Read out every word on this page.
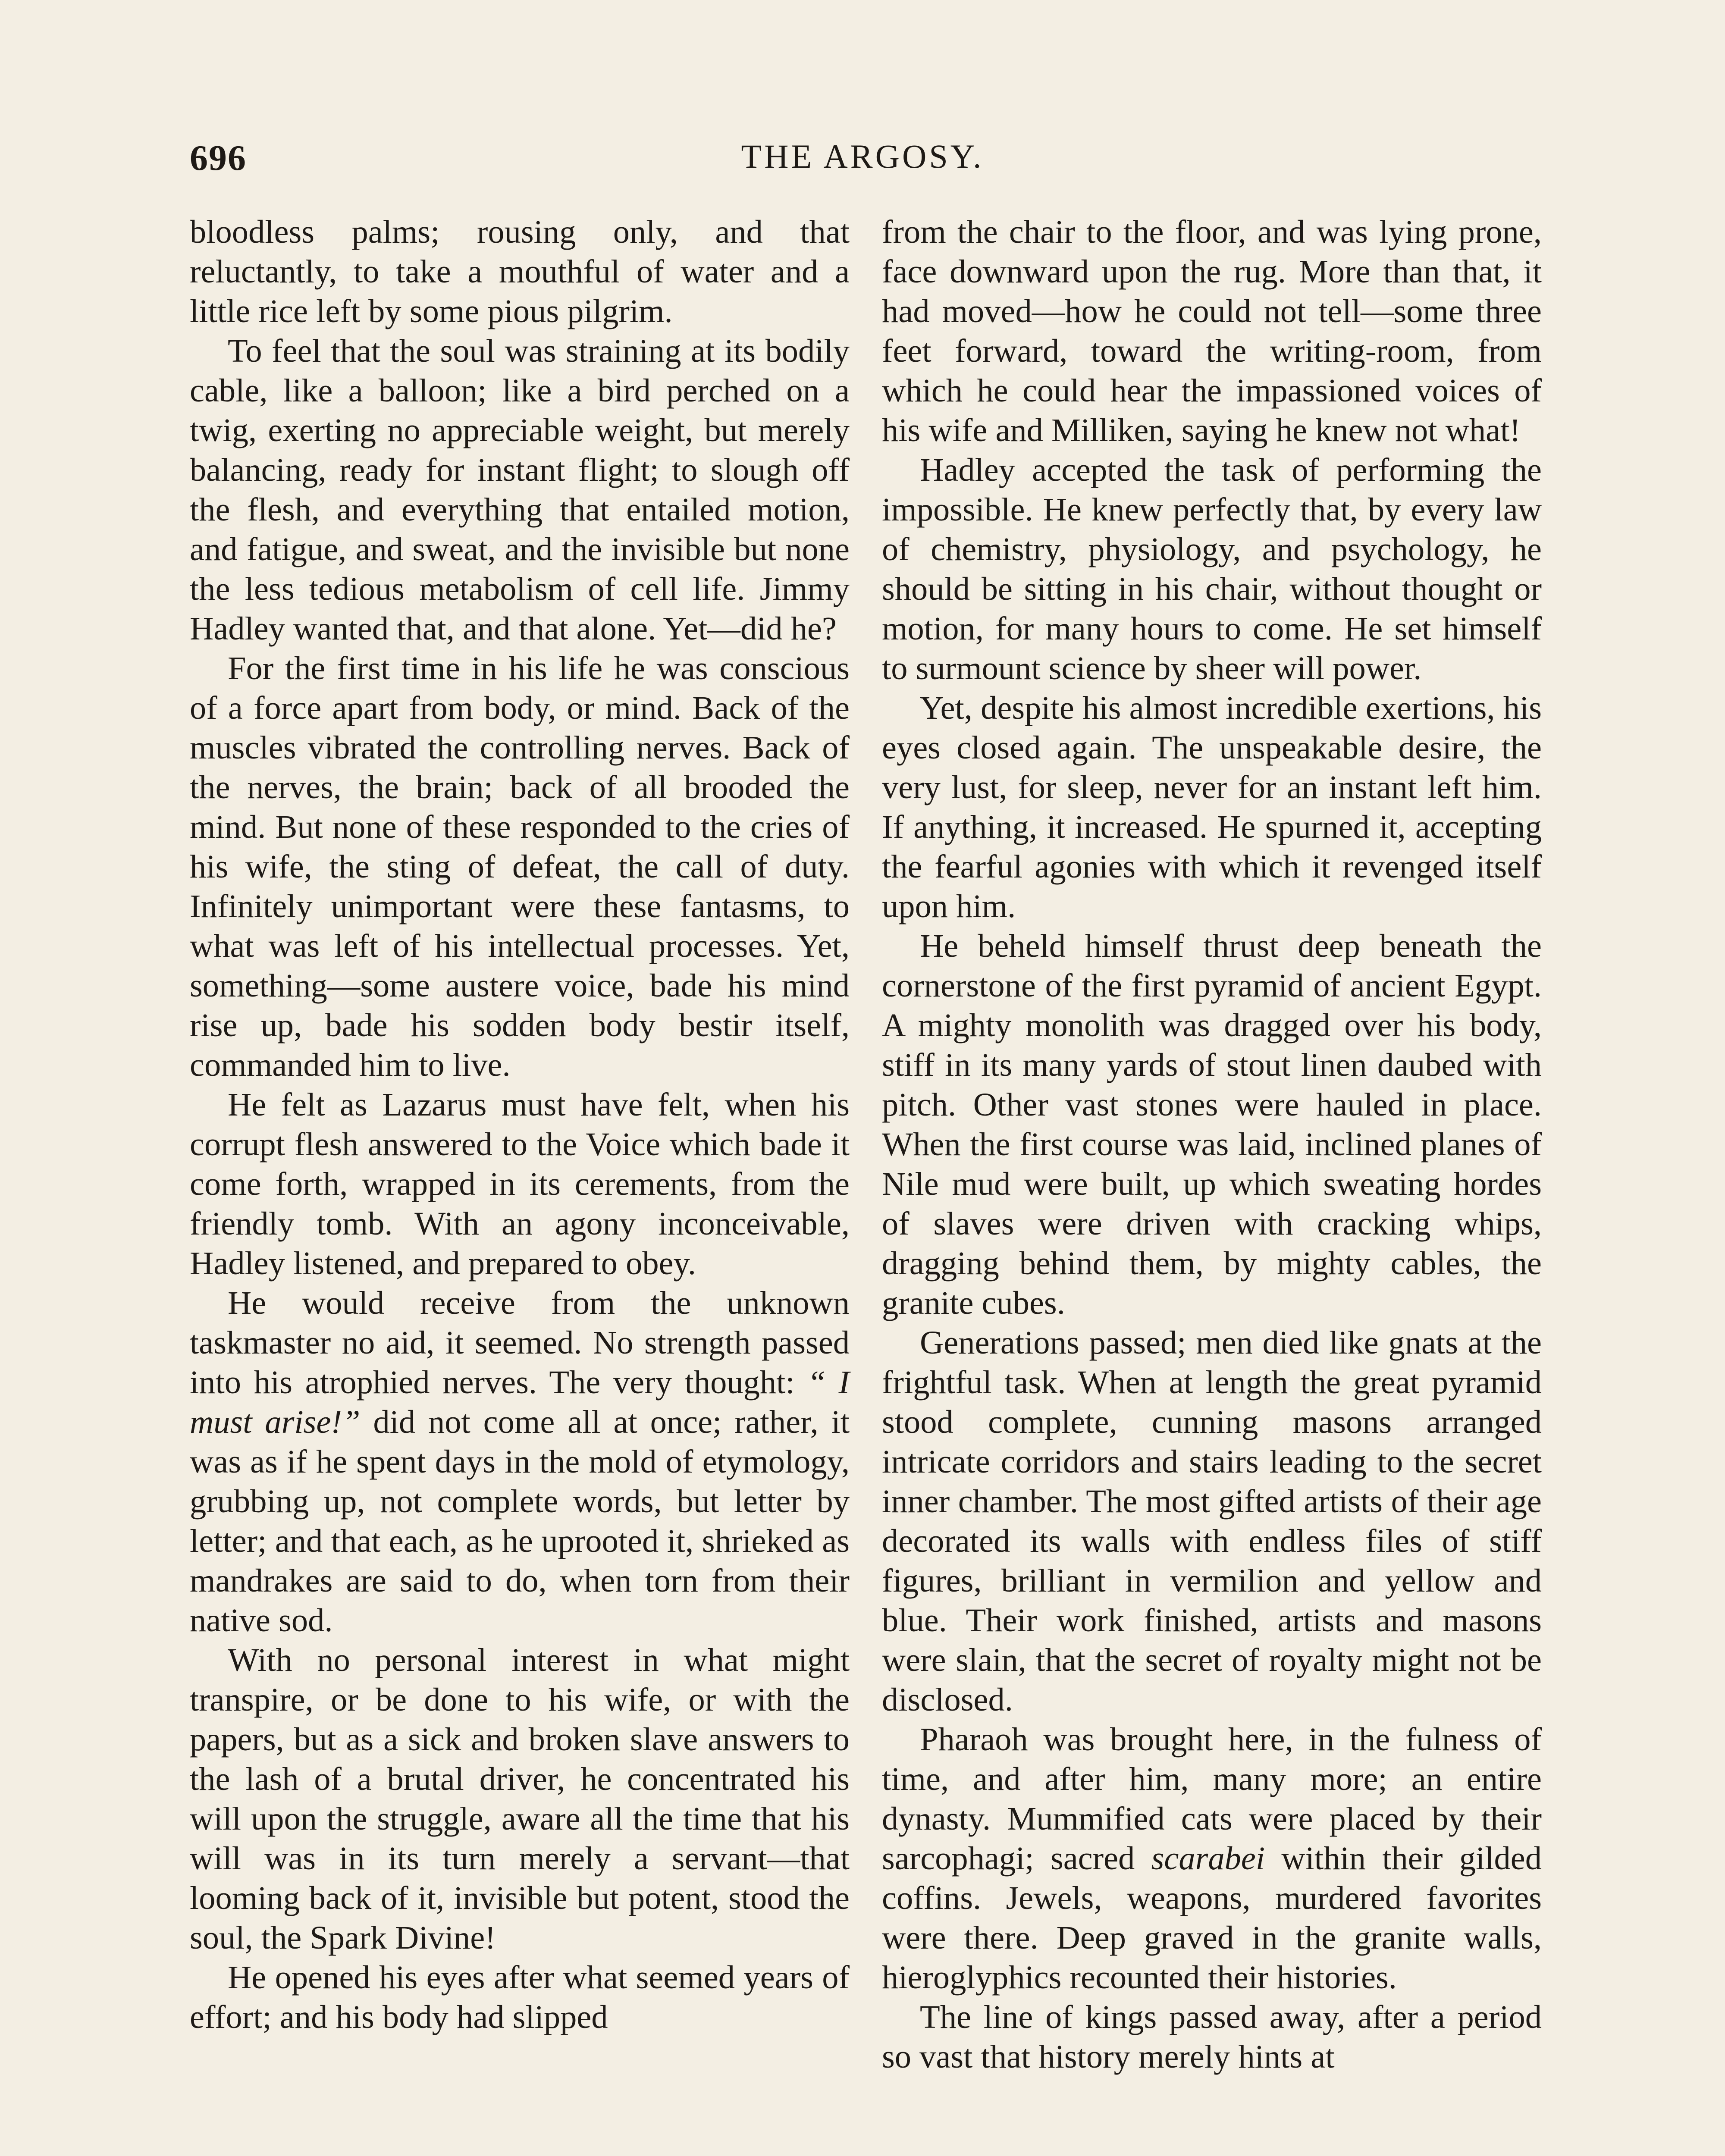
696	THE ARGOSY.

bloodless palms; rousing only, and that reluctantly, to take a mouthful of water and a little rice left by some pious pilgrim.

To feel that the soul was straining at its bodily cable, like a balloon; like a bird perched on a twig, exerting no appreciable weight, but merely balancing, ready for instant flight; to slough off the flesh, and everything that entailed motion, and fatigue, and sweat, and the invisible but none the less tedious metabolism of cell life. Jimmy Hadley wanted that, and that alone. Yet—did he?

For the first time in his life he was conscious of a force apart from body, or mind. Back of the muscles vibrated the controlling nerves. Back of the nerves, the brain; back of all brooded the mind. But none of these responded to the cries of his wife, the sting of defeat, the call of duty. Infinitely unimportant were these fantasms, to what was left of his intellectual processes. Yet, something—some austere voice, bade his mind rise up, bade his sodden body bestir itself, commanded him to live.

He felt as Lazarus must have felt, when his corrupt flesh answered to the Voice which bade it come forth, wrapped in its cerements, from the friendly tomb. With an agony inconceivable, Hadley listened, and prepared to obey.

He would receive from the unknown taskmaster no aid, it seemed. No strength passed into his atrophied nerves. The very thought: “ I must arise!” did not come all at once; rather, it was as if he spent days in the mold of etymology, grubbing up, not complete words, but letter by letter; and that each, as he uprooted it, shrieked as mandrakes are said to do, when torn from their native sod.

With no personal interest in what might transpire, or be done to his wife, or with the papers, but as a sick and broken slave answers to the lash of a brutal driver, he concentrated his will upon the struggle, aware all the time that his will was in its turn merely a servant—that looming back of it, invisible but potent, stood the soul, the Spark Divine!

He opened his eyes after what seemed years of effort; and his body had slipped

from the chair to the floor, and was lying prone, face downward upon the rug. More than that, it had moved—how he could not tell—some three feet forward, toward the writing-room, from which he could hear the impassioned voices of his wife and Milliken, saying he knew not what!

Hadley accepted the task of performing the impossible. He knew perfectly that, by every law of chemistry, physiology, and psychology, he should be sitting in his chair, without thought or motion, for many hours to come. He set himself to surmount science by sheer will power.

Yet, despite his almost incredible exertions, his eyes closed again. The unspeakable desire, the very lust, for sleep, never for an instant left him. If anything, it increased. He spurned it, accepting the fearful agonies with which it revenged itself upon him.

He beheld himself thrust deep beneath the cornerstone of the first pyramid of ancient Egypt. A mighty monolith was dragged over his body, stiff in its many yards of stout linen daubed with pitch. Other vast stones were hauled in place. When the first course was laid, inclined planes of Nile mud were built, up which sweating hordes of slaves were driven with cracking whips, dragging behind them, by mighty cables, the granite cubes.

Generations passed; men died like gnats at the frightful task. When at length the great pyramid stood complete, cunning masons arranged intricate corridors and stairs leading to the secret inner chamber. The most gifted artists of their age decorated its walls with endless files of stiff figures, brilliant in vermilion and yellow and blue. Their work finished, artists and masons were slain, that the secret of royalty might not be disclosed.

Pharaoh was brought here, in the fulness of time, and after him, many more; an entire dynasty. Mummified cats were placed by their sarcophagi; sacred scarabei within their gilded coffins. Jewels, weapons, murdered favorites were there. Deep graved in the granite walls, hieroglyphics recounted their histories.

The line of kings passed away, after a period so vast that history merely hints at
